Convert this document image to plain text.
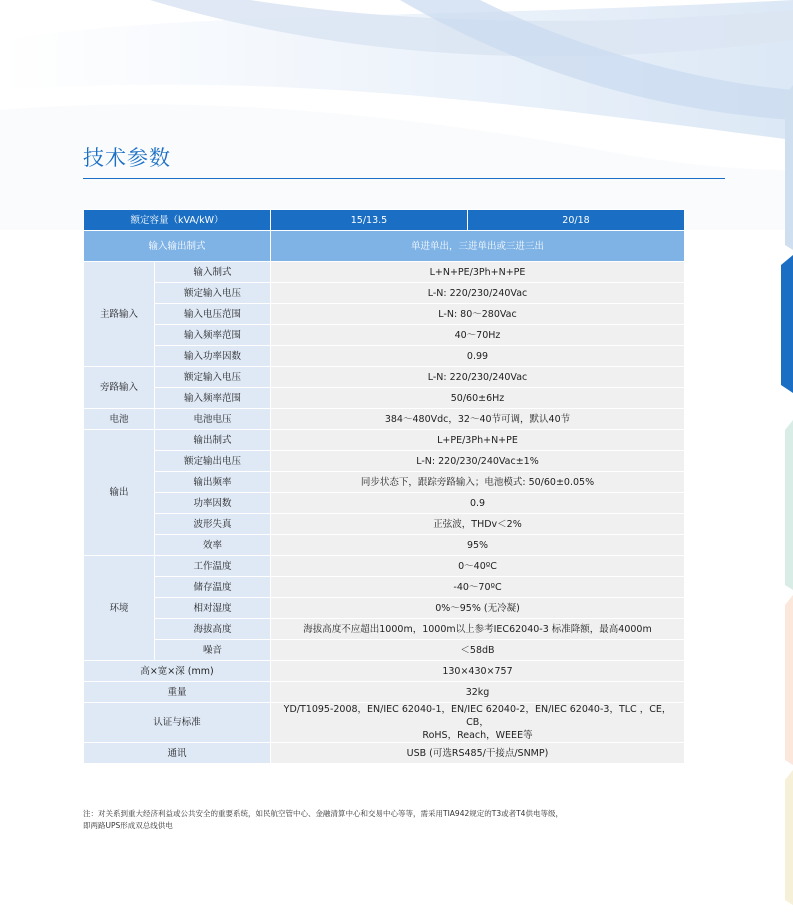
技术参数
额定容量（kVA/kW）		15/13.5	20/18
输入输出制式		单进单出，三进单出或三进三出	
主路输入	输入制式	L+N+PE/3Ph+N+PE	
	额定输入电压	L-N: 220/230/240Vac	
	输入电压范围	L-N: 80～280Vac	
	输入频率范围	40～70Hz	
	输入功率因数	0.99	
旁路输入	额定输入电压	L-N: 220/230/240Vac	
	输入频率范围	50/60±6Hz	
电池	电池电压	384～480Vdc，32～40节可调，默认40节	
输出	输出制式	L+PE/3Ph+N+PE	
	额定输出电压	L-N: 220/230/240Vac±1%	
	输出频率	同步状态下，跟踪旁路输入；电池模式: 50/60±0.05%	
	功率因数	0.9	
	波形失真	正弦波，THDv＜2%	
	效率	95%	
环境	工作温度	0～40ºC	
	储存温度	-40～70ºC	
	相对湿度	0%～95% (无冷凝)	
	海拔高度	海拔高度不应超出1000m，1000m以上参考IEC62040-3 标准降额，最高4000m	
	噪音	＜58dB	
高×宽×深 (mm)		130×430×757	
重量		32kg	
认证与标准		YD/T1095-2008，EN/IEC 62040-1，EN/IEC 62040-2，EN/IEC 62040-3，TLC ，CE，CB，
RoHS，Reach，WEEE等	

通讯		USB (可选RS485/干接点/SNMP)	
注：对关系到重大经济利益或公共安全的重要系统，如民航空管中心、金融清算中心和交易中心等等，需采用TIA942规定的T3或者T4供电等级，
即两路UPS形成双总线供电
